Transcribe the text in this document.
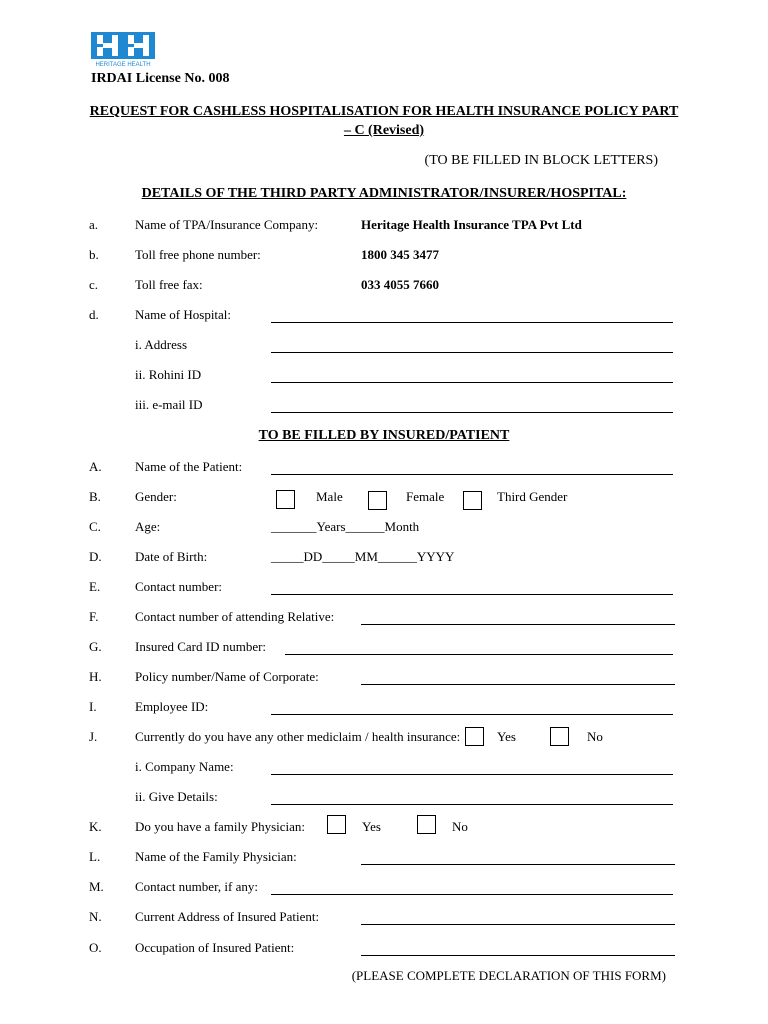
HERITAGE HEALTH
IRDAI License No. 008
REQUEST FOR CASHLESS HOSPITALISATION FOR HEALTH INSURANCE POLICY PART
– C (Revised)
(TO BE FILLED IN BLOCK LETTERS)
DETAILS OF THE THIRD PARTY ADMINISTRATOR/INSURER/HOSPITAL:
a.	Name of TPA/Insurance Company:	Heritage Health Insurance TPA Pvt Ltd
b.	Toll free phone number:	1800 345 3477
c.	Toll free fax:	033 4055 7660
d.	Name of Hospital:
i. Address
ii. Rohini ID
iii. e-mail ID
TO BE FILLED BY INSURED/PATIENT
A.	Name of the Patient:
B.	Gender:	Male	Female	Third Gender
C.	Age:	_______Years______Month
D.	Date of Birth:	_____DD_____MM______YYYY
E.	Contact number:
F.	Contact number of attending Relative:
G.	Insured Card ID number:
H.	Policy number/Name of Corporate:
I.	Employee ID:
J.	Currently do you have any other mediclaim / health insurance:	Yes	No
i. Company Name:
ii. Give Details:
K.	Do you have a family Physician:	Yes	No
L.	Name of the Family Physician:
M. Contact number, if any:
N.	Current Address of Insured Patient:
O.	Occupation of Insured Patient:
(PLEASE COMPLETE DECLARATION OF THIS FORM)
